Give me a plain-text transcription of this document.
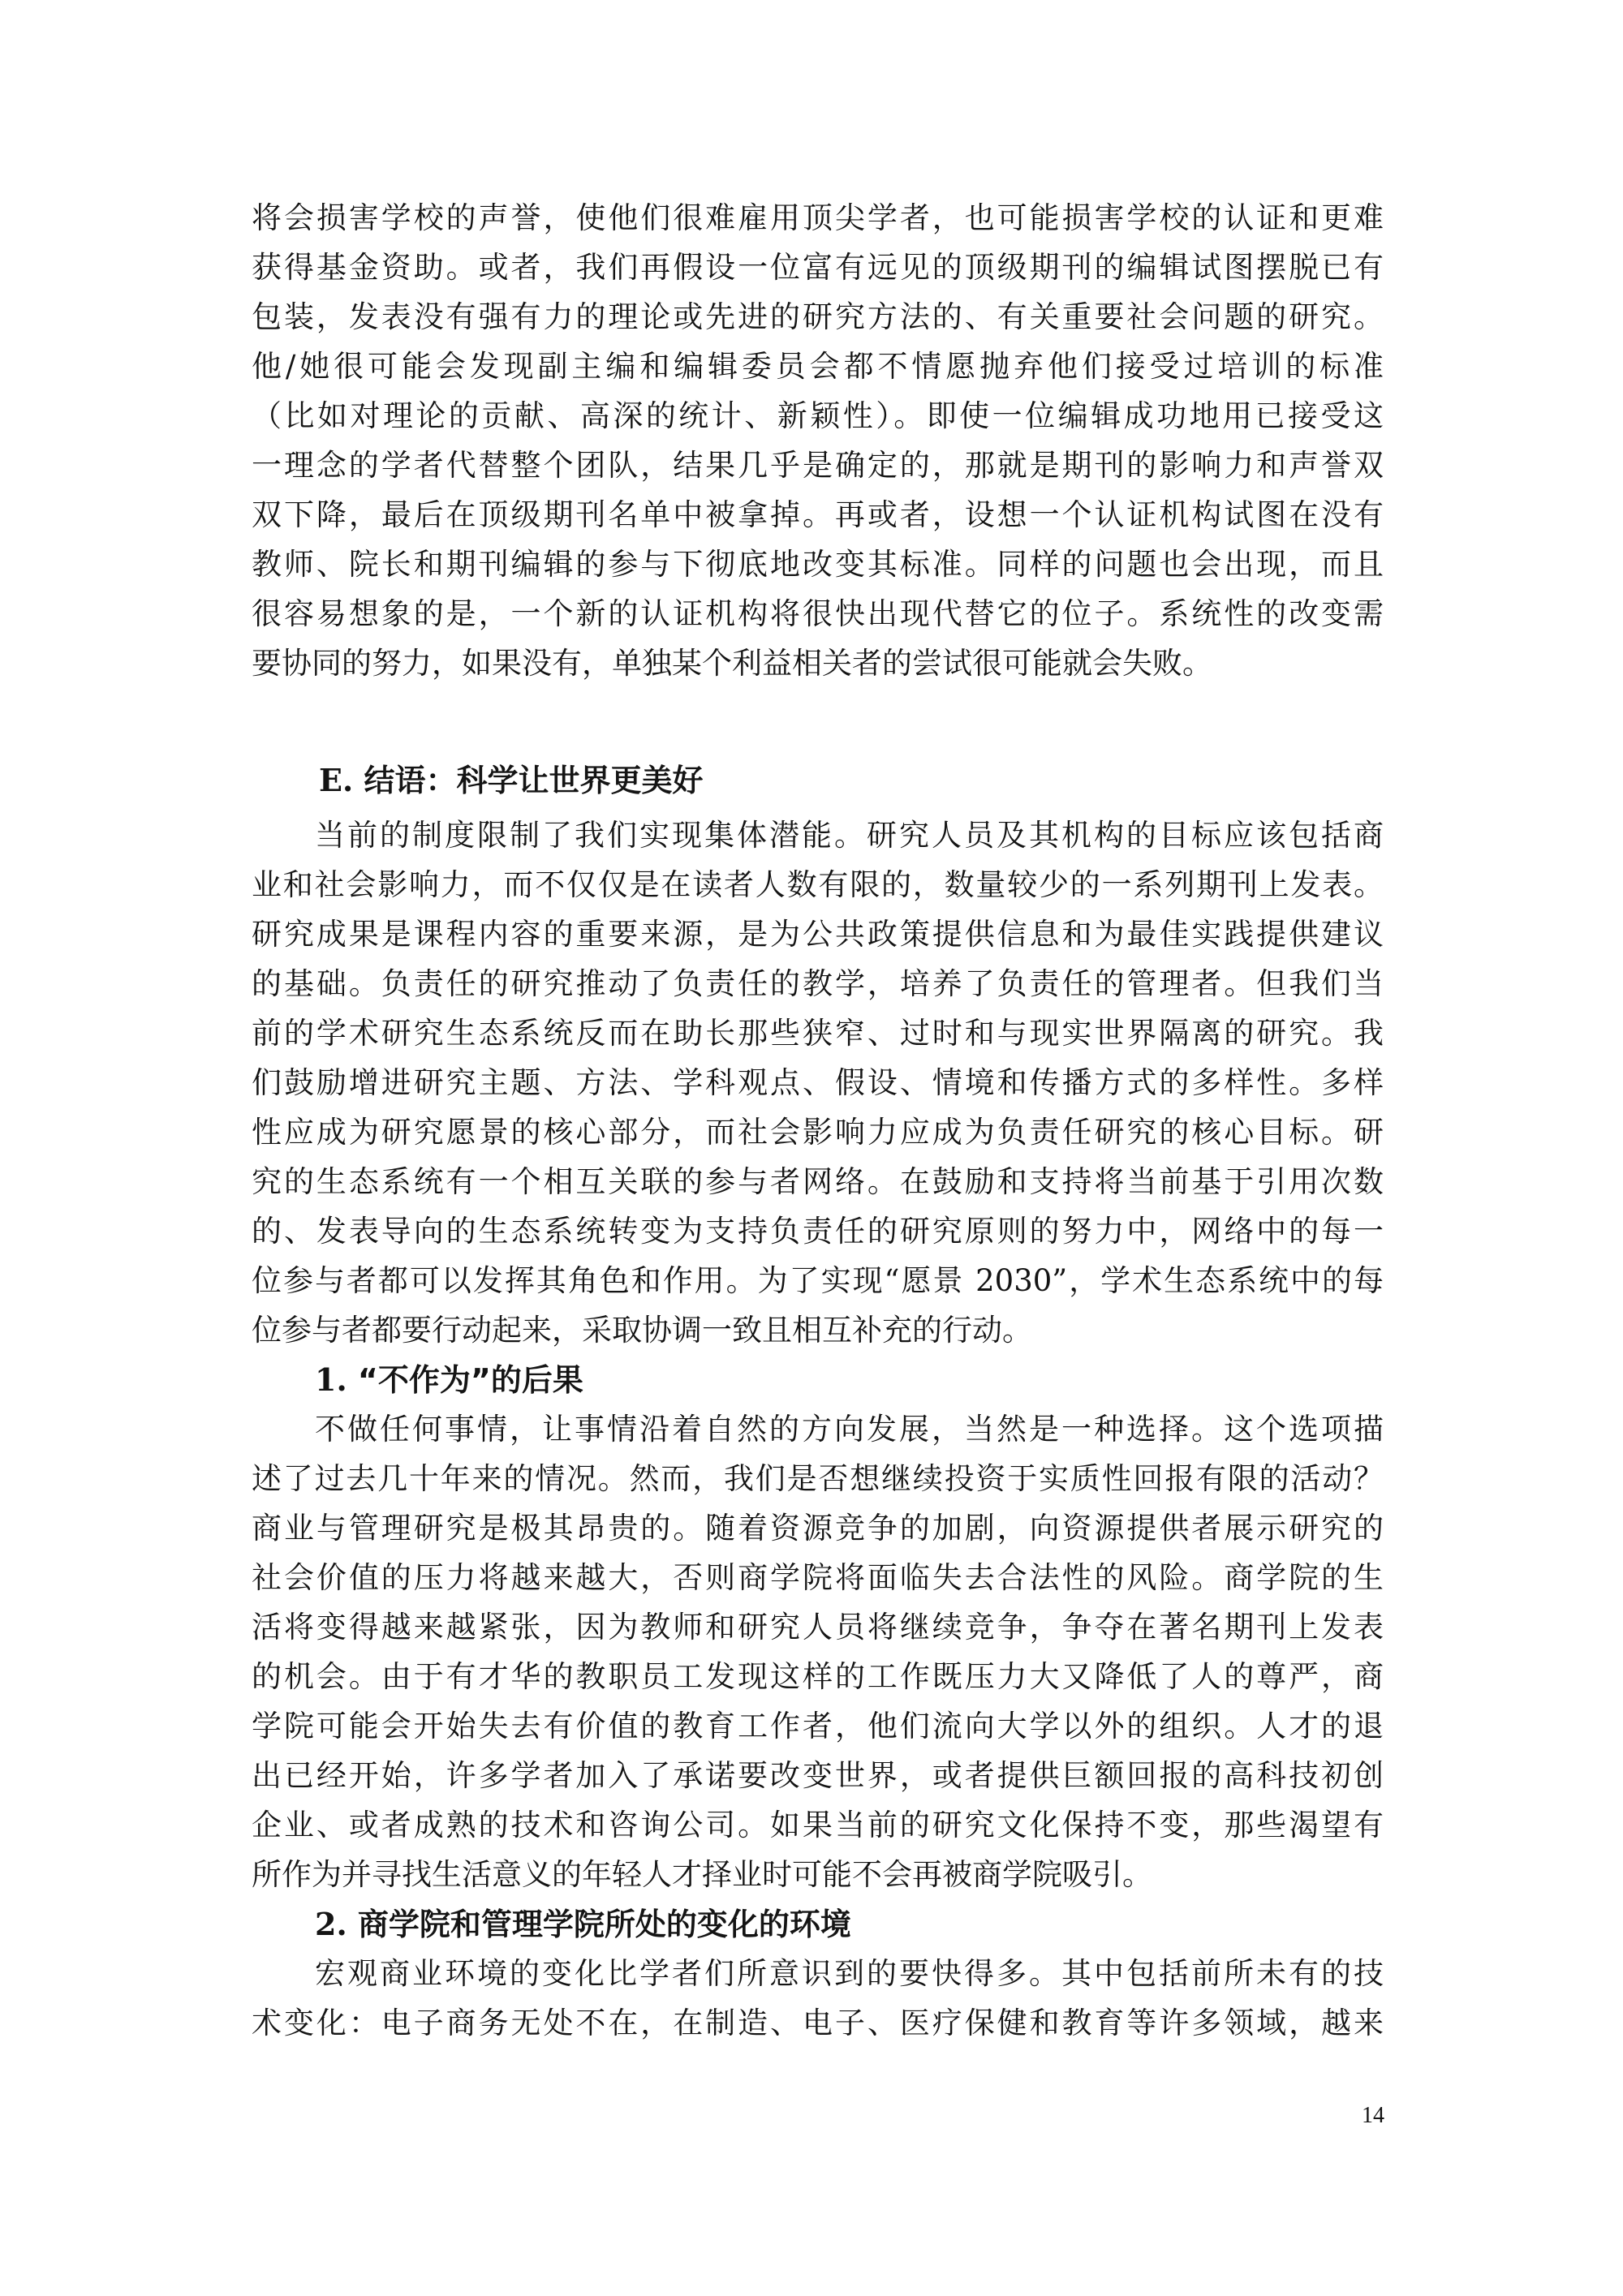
将会损害学校的声誉，使他们很难雇用顶尖学者，也可能损害学校的认证和更难
获得基金资助。或者，我们再假设一位富有远见的顶级期刊的编辑试图摆脱已有
包装，发表没有强有力的理论或先进的研究方法的、有关重要社会问题的研究。
他/她很可能会发现副主编和编辑委员会都不情愿抛弃他们接受过培训的标准
（比如对理论的贡献、高深的统计、新颖性）。即使一位编辑成功地用已接受这
一理念的学者代替整个团队，结果几乎是确定的，那就是期刊的影响力和声誉双
双下降，最后在顶级期刊名单中被拿掉。再或者，设想一个认证机构试图在没有
教师、院长和期刊编辑的参与下彻底地改变其标准。同样的问题也会出现，而且
很容易想象的是，一个新的认证机构将很快出现代替它的位子。系统性的改变需
要协同的努力，如果没有，单独某个利益相关者的尝试很可能就会失败。
E. 结语：科学让世界更美好
当前的制度限制了我们实现集体潜能。研究人员及其机构的目标应该包括商
业和社会影响力，而不仅仅是在读者人数有限的，数量较少的一系列期刊上发表。
研究成果是课程内容的重要来源，是为公共政策提供信息和为最佳实践提供建议
的基础。负责任的研究推动了负责任的教学，培养了负责任的管理者。但我们当
前的学术研究生态系统反而在助长那些狭窄、过时和与现实世界隔离的研究。我
们鼓励增进研究主题、方法、学科观点、假设、情境和传播方式的多样性。多样
性应成为研究愿景的核心部分，而社会影响力应成为负责任研究的核心目标。研
究的生态系统有一个相互关联的参与者网络。在鼓励和支持将当前基于引用次数
的、发表导向的生态系统转变为支持负责任的研究原则的努力中，网络中的每一
位参与者都可以发挥其角色和作用。为了实现“愿景 2030”，学术生态系统中的每
位参与者都要行动起来，采取协调一致且相互补充的行动。
1. “不作为”的后果
不做任何事情，让事情沿着自然的方向发展，当然是一种选择。这个选项描
述了过去几十年来的情况。然而，我们是否想继续投资于实质性回报有限的活动？
商业与管理研究是极其昂贵的。随着资源竞争的加剧，向资源提供者展示研究的
社会价值的压力将越来越大，否则商学院将面临失去合法性的风险。商学院的生
活将变得越来越紧张，因为教师和研究人员将继续竞争，争夺在著名期刊上发表
的机会。由于有才华的教职员工发现这样的工作既压力大又降低了人的尊严，商
学院可能会开始失去有价值的教育工作者，他们流向大学以外的组织。人才的退
出已经开始，许多学者加入了承诺要改变世界，或者提供巨额回报的高科技初创
企业、或者成熟的技术和咨询公司。如果当前的研究文化保持不变，那些渴望有
所作为并寻找生活意义的年轻人才择业时可能不会再被商学院吸引。
2. 商学院和管理学院所处的变化的环境
宏观商业环境的变化比学者们所意识到的要快得多。其中包括前所未有的技
术变化：电子商务无处不在，在制造、电子、医疗保健和教育等许多领域，越来
14
